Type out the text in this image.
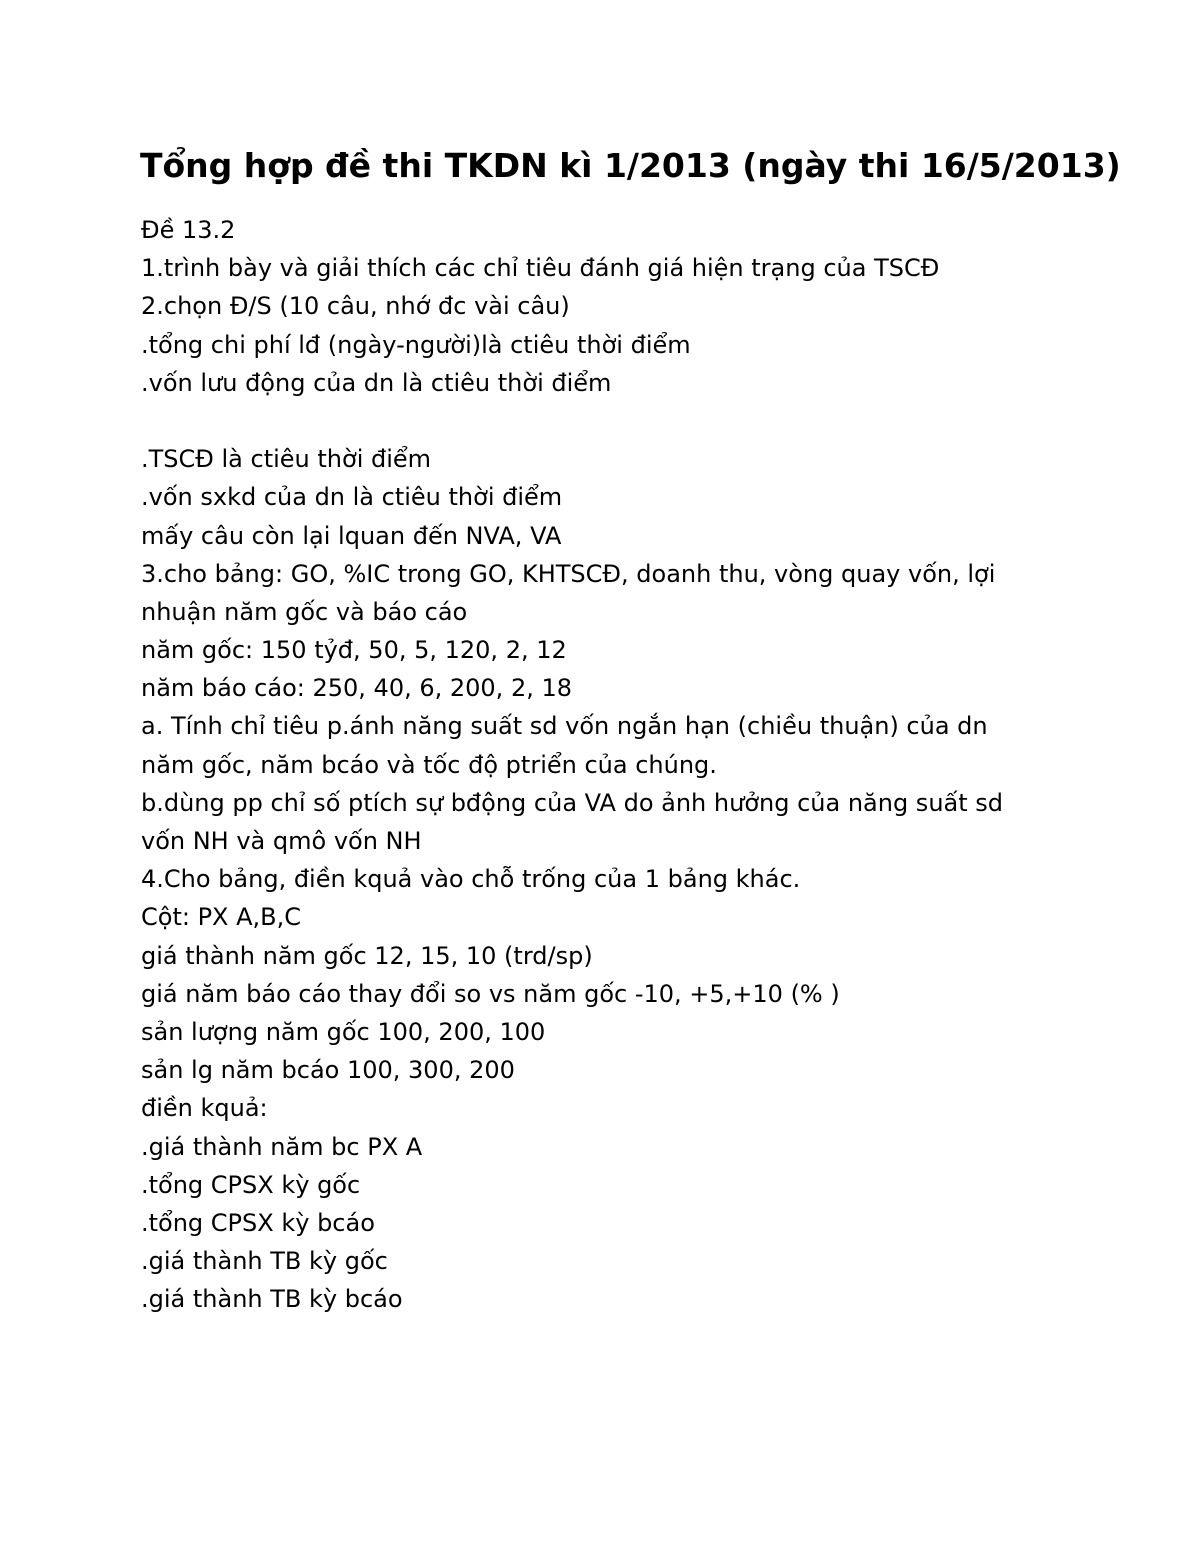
Tổng hợp đề thi TKDN kì 1/2013 (ngày thi 16/5/2013)
Đề 13.2
1.trình bày và giải thích các chỉ tiêu đánh giá hiện trạng của TSCĐ
2.chọn Đ/S (10 câu, nhớ đc vài câu)
.tổng chi phí lđ (ngày-người)là ctiêu thời điểm
.vốn lưu động của dn là ctiêu thời điểm
.TSCĐ là ctiêu thời điểm
.vốn sxkd của dn là ctiêu thời điểm
mấy câu còn lại lquan đến NVA, VA
3.cho bảng: GO, %IC trong GO, KHTSCĐ, doanh thu, vòng quay vốn, lợi
nhuận năm gốc và báo cáo
năm gốc: 150 tỷđ, 50, 5, 120, 2, 12
năm báo cáo: 250, 40, 6, 200, 2, 18
a. Tính chỉ tiêu p.ánh năng suất sd vốn ngắn hạn (chiều thuận) của dn
năm gốc, năm bcáo và tốc độ ptriển của chúng.
b.dùng pp chỉ số ptích sự bđộng của VA do ảnh hưởng của năng suất sd
vốn NH và qmô vốn NH
4.Cho bảng, điền kquả vào chỗ trống của 1 bảng khác.
Cột: PX A,B,C
giá thành năm gốc 12, 15, 10 (trd/sp)
giá năm báo cáo thay đổi so vs năm gốc -10, +5,+10 (% )
sản lượng năm gốc 100, 200, 100
sản lg năm bcáo 100, 300, 200
điền kquả:
.giá thành năm bc PX A
.tổng CPSX kỳ gốc
.tổng CPSX kỳ bcáo
.giá thành TB kỳ gốc
.giá thành TB kỳ bcáo
